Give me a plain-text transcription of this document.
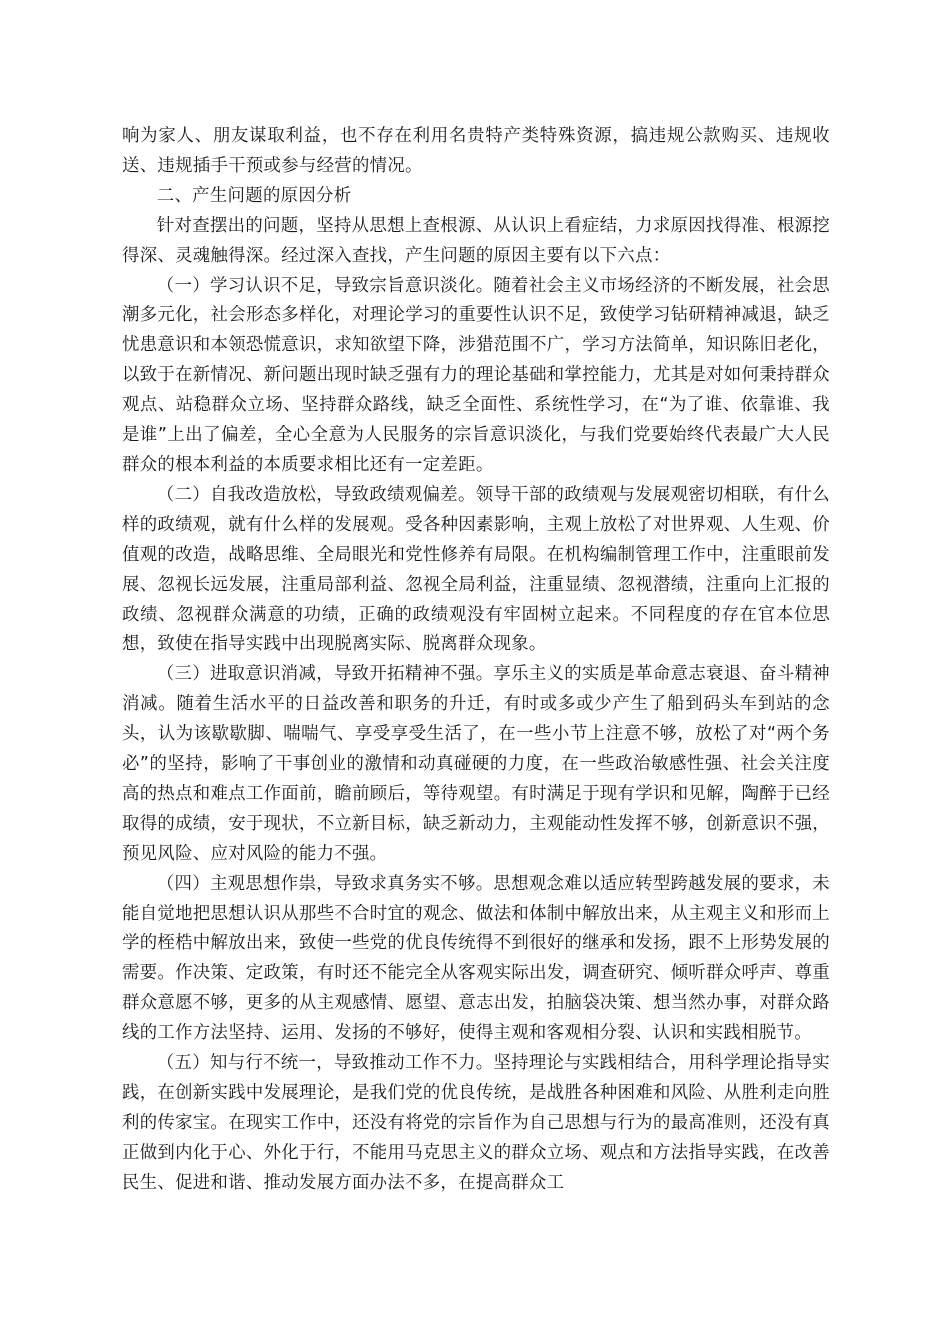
响为家人、朋友谋取利益，也不存在利用名贵特产类特殊资源，搞违规公款购买、违规收送、违规插手干预或参与经营的情况。

二、产生问题的原因分析

针对查摆出的问题，坚持从思想上查根源、从认识上看症结，力求原因找得准、根源挖得深、灵魂触得深。经过深入查找，产生问题的原因主要有以下六点：

（一）学习认识不足，导致宗旨意识淡化。随着社会主义市场经济的不断发展，社会思潮多元化，社会形态多样化，对理论学习的重要性认识不足，致使学习钻研精神减退，缺乏忧患意识和本领恐慌意识，求知欲望下降，涉猎范围不广，学习方法简单，知识陈旧老化，以致于在新情况、新问题出现时缺乏强有力的理论基础和掌控能力，尤其是对如何秉持群众观点、站稳群众立场、坚持群众路线，缺乏全面性、系统性学习，在“为了谁、依靠谁、我是谁”上出了偏差，全心全意为人民服务的宗旨意识淡化，与我们党要始终代表最广大人民群众的根本利益的本质要求相比还有一定差距。

（二）自我改造放松，导致政绩观偏差。领导干部的政绩观与发展观密切相联，有什么样的政绩观，就有什么样的发展观。受各种因素影响，主观上放松了对世界观、人生观、价值观的改造，战略思维、全局眼光和党性修养有局限。在机构编制管理工作中，注重眼前发展、忽视长远发展，注重局部利益、忽视全局利益，注重显绩、忽视潜绩，注重向上汇报的政绩、忽视群众满意的功绩，正确的政绩观没有牢固树立起来。不同程度的存在官本位思想，致使在指导实践中出现脱离实际、脱离群众现象。

（三）进取意识消减，导致开拓精神不强。享乐主义的实质是革命意志衰退、奋斗精神消减。随着生活水平的日益改善和职务的升迁，有时或多或少产生了船到码头车到站的念头，认为该歇歇脚、喘喘气、享受享受生活了，在一些小节上注意不够，放松了对“两个务必”的坚持，影响了干事创业的激情和动真碰硬的力度，在一些政治敏感性强、社会关注度高的热点和难点工作面前，瞻前顾后，等待观望。有时满足于现有学识和见解，陶醉于已经取得的成绩，安于现状，不立新目标，缺乏新动力，主观能动性发挥不够，创新意识不强，预见风险、应对风险的能力不强。

（四）主观思想作祟，导致求真务实不够。思想观念难以适应转型跨越发展的要求，未能自觉地把思想认识从那些不合时宜的观念、做法和体制中解放出来，从主观主义和形而上学的桎梏中解放出来，致使一些党的优良传统得不到很好的继承和发扬，跟不上形势发展的需要。作决策、定政策，有时还不能完全从客观实际出发，调查研究、倾听群众呼声、尊重群众意愿不够，更多的从主观感情、愿望、意志出发，拍脑袋决策、想当然办事，对群众路线的工作方法坚持、运用、发扬的不够好，使得主观和客观相分裂、认识和实践相脱节。

（五）知与行不统一，导致推动工作不力。坚持理论与实践相结合，用科学理论指导实践，在创新实践中发展理论，是我们党的优良传统，是战胜各种困难和风险、从胜利走向胜利的传家宝。在现实工作中，还没有将党的宗旨作为自己思想与行为的最高准则，还没有真正做到内化于心、外化于行，不能用马克思主义的群众立场、观点和方法指导实践，在改善民生、促进和谐、推动发展方面办法不多，在提高群众工
